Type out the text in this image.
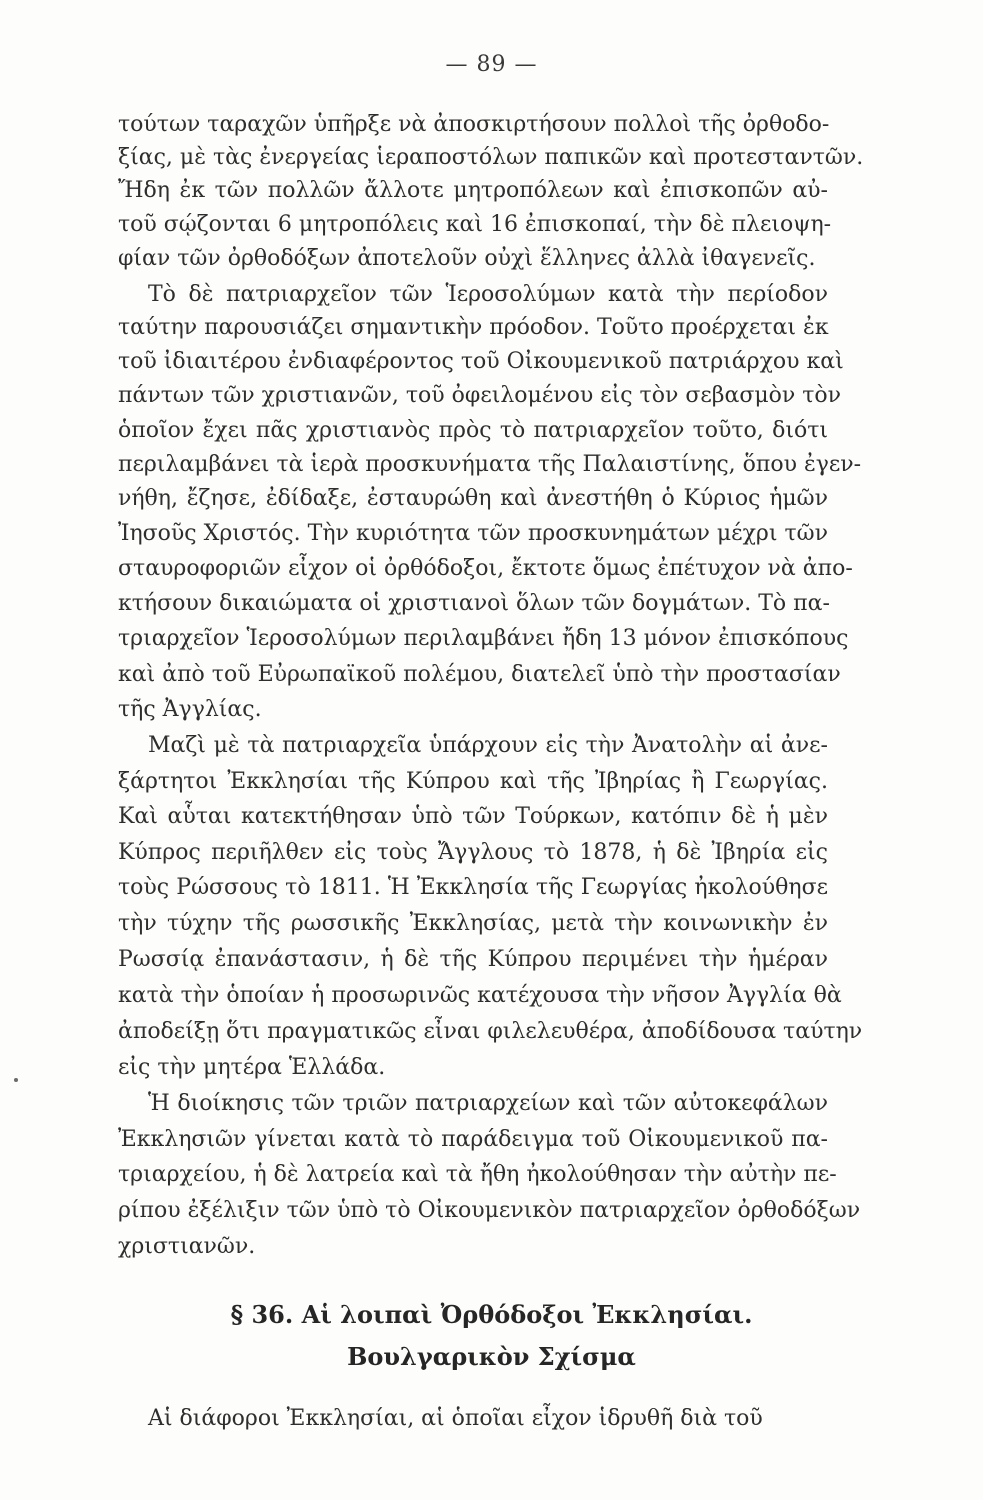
— 89 —
τούτων ταραχῶν ὑπῆρξε νὰ ἀποσκιρτήσουν πολλοὶ τῆς ὀρθοδο-
ξίας, μὲ τὰς ἐνεργείας ἱεραποστόλων παπικῶν καὶ προτεσταντῶν.
Ἤδη ἐκ τῶν πολλῶν ἄλλοτε μητροπόλεων καὶ ἐπισκοπῶν αὐ-
τοῦ σῴζονται 6 μητροπόλεις καὶ 16 ἐπισκοπαί, τὴν δὲ πλειοψη-
φίαν τῶν ὀρθοδόξων ἀποτελοῦν οὐχὶ ἕλληνες ἀλλὰ ἰθαγενεῖς.
Τὸ δὲ πατριαρχεῖον τῶν Ἱεροσολύμων κατὰ τὴν περίοδον
ταύτην παρουσιάζει σημαντικὴν πρόοδον. Τοῦτο προέρχεται ἐκ
τοῦ ἰδιαιτέρου ἐνδιαφέροντος τοῦ Οἰκουμενικοῦ πατριάρχου καὶ
πάντων τῶν χριστιανῶν, τοῦ ὀφειλομένου εἰς τὸν σεβασμὸν τὸν
ὁποῖον ἔχει πᾶς χριστιανὸς πρὸς τὸ πατριαρχεῖον τοῦτο, διότι
περιλαμβάνει τὰ ἱερὰ προσκυνήματα τῆς Παλαιστίνης, ὅπου ἐγεν-
νήθη, ἔζησε, ἐδίδαξε, ἐσταυρώθη καὶ ἀνεστήθη ὁ Κύριος ἡμῶν
Ἰησοῦς Χριστός. Τὴν κυριότητα τῶν προσκυνημάτων μέχρι τῶν
σταυροφοριῶν εἶχον οἱ ὀρθόδοξοι, ἔκτοτε ὅμως ἐπέτυχον νὰ ἀπο-
κτήσουν δικαιώματα οἱ χριστιανοὶ ὅλων τῶν δογμάτων. Τὸ πα-
τριαρχεῖον Ἱεροσολύμων περιλαμβάνει ἤδη 13 μόνον ἐπισκόπους
καὶ ἀπὸ τοῦ Εὐρωπαϊκοῦ πολέμου, διατελεῖ ὑπὸ τὴν προστασίαν
τῆς Ἀγγλίας.
Μαζὶ μὲ τὰ πατριαρχεῖα ὑπάρχουν εἰς τὴν Ἀνατολὴν αἱ ἀνε-
ξάρτητοι Ἐκκλησίαι τῆς Κύπρου καὶ τῆς Ἰβηρίας ἢ Γεωργίας.
Καὶ αὗται κατεκτήθησαν ὑπὸ τῶν Τούρκων, κατόπιν δὲ ἡ μὲν
Κύπρος περιῆλθεν εἰς τοὺς Ἄγγλους τὸ 1878, ἡ δὲ Ἰβηρία εἰς
τοὺς Ρώσσους τὸ 1811. Ἡ Ἐκκλησία τῆς Γεωργίας ἠκολούθησε
τὴν τύχην τῆς ρωσσικῆς Ἐκκλησίας, μετὰ τὴν κοινωνικὴν ἐν
Ρωσσίᾳ ἐπανάστασιν, ἡ δὲ τῆς Κύπρου περιμένει τὴν ἡμέραν
κατὰ τὴν ὁποίαν ἡ προσωρινῶς κατέχουσα τὴν νῆσον Ἀγγλία θὰ
ἀποδείξῃ ὅτι πραγματικῶς εἶναι φιλελευθέρα, ἀποδίδουσα ταύτην
εἰς τὴν μητέρα Ἑλλάδα.
Ἡ διοίκησις τῶν τριῶν πατριαρχείων καὶ τῶν αὐτοκεφάλων
Ἐκκλησιῶν γίνεται κατὰ τὸ παράδειγμα τοῦ Οἰκουμενικοῦ πα-
τριαρχείου, ἡ δὲ λατρεία καὶ τὰ ἤθη ἠκολούθησαν τὴν αὐτὴν πε-
ρίπου ἐξέλιξιν τῶν ὑπὸ τὸ Οἰκουμενικὸν πατριαρχεῖον ὀρθοδόξων
χριστιανῶν.
§ 36. Αἱ λοιπαὶ Ὀρθόδοξοι Ἐκκλησίαι.
Βουλγαρικὸν Σχίσμα
Αἱ διάφοροι Ἐκκλησίαι, αἱ ὁποῖαι εἶχον ἱδρυθῆ διὰ τοῦ
